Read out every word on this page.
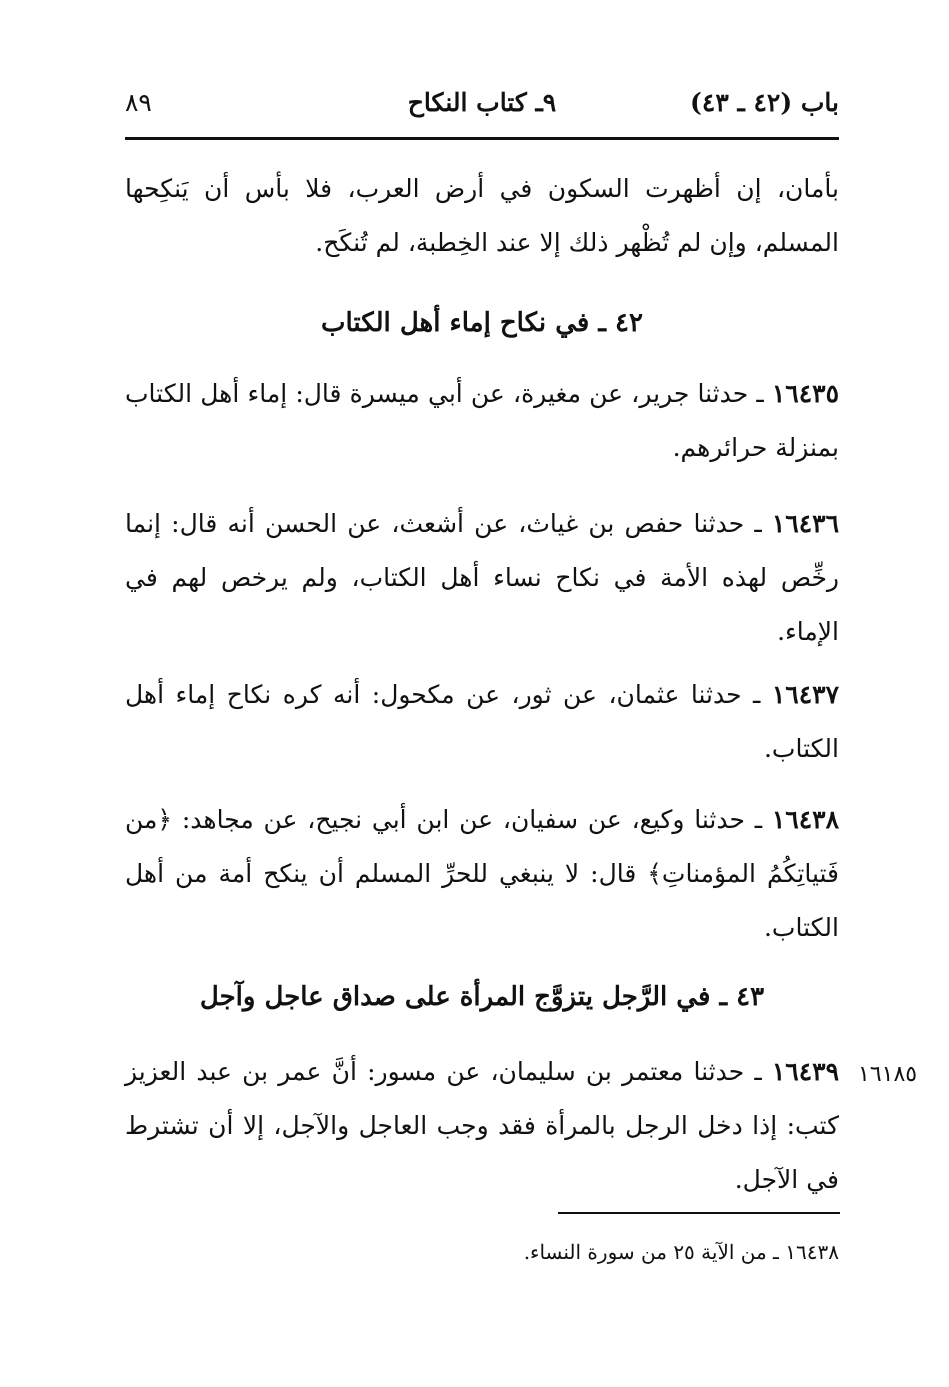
باب (٤٢ ـ ٤٣)
٩ـ كتاب النكاح
٨٩
بأمان، إن أظهرت السكون في أرض العرب، فلا بأس أن يَنكِحها المسلم، وإن لم تُظْهر ذلك إلا عند الخِطبة، لم تُنكَح.
٤٢ ـ في نكاح إماء أهل الكتاب
١٦٤٣٥ ـ حدثنا جرير، عن مغيرة، عن أبي ميسرة قال: إماء أهل الكتاب بمنزلة حرائرهم.
١٦٤٣٦ ـ حدثنا حفص بن غياث، عن أشعث، عن الحسن أنه قال: إنما رخِّص لهذه الأمة في نكاح نساء أهل الكتاب، ولم يرخص لهم في الإماء.
١٦٤٣٧ ـ حدثنا عثمان، عن ثور، عن مكحول: أنه كره نكاح إماء أهل الكتاب.
١٦٤٣٨ ـ حدثنا وكيع، عن سفيان، عن ابن أبي نجيح، عن مجاهد: ﴿من فَتياتِكُمُ المؤمناتِ﴾ قال: لا ينبغي للحرِّ المسلم أن ينكح أمة من أهل الكتاب.
٤٣ ـ في الرَّجل يتزوَّج المرأة على صداق عاجل وآجل
١٦١٨٥
١٦٤٣٩ ـ حدثنا معتمر بن سليمان، عن مسور: أنَّ عمر بن عبد العزيز كتب: إذا دخل الرجل بالمرأة فقد وجب العاجل والآجل، إلا أن تشترط في الآجل.
١٦٤٣٨ ـ من الآية ٢٥ من سورة النساء.
